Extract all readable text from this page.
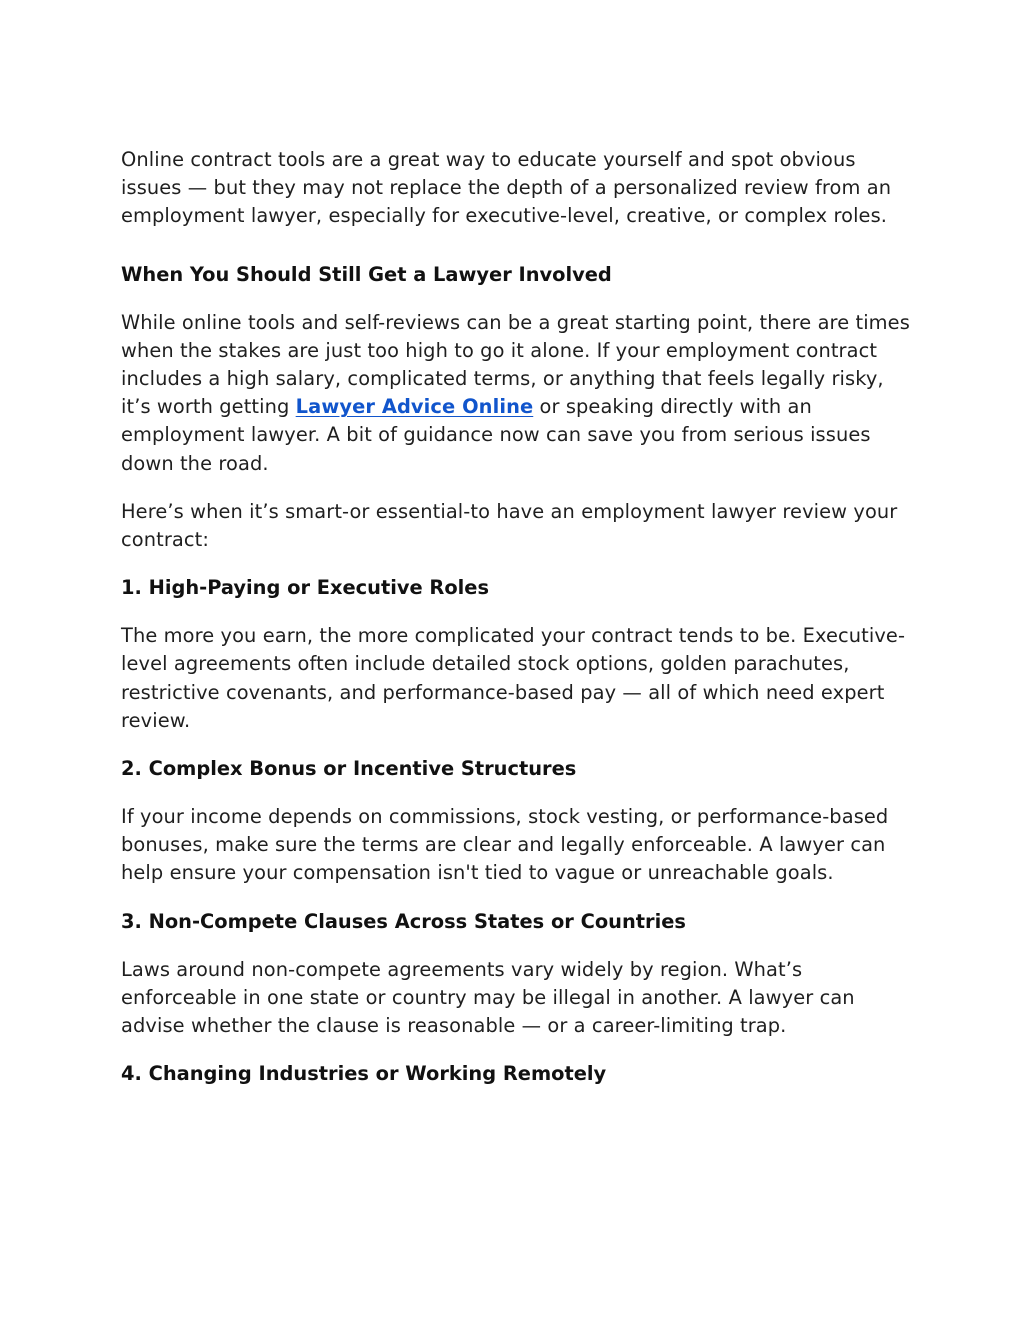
Online contract tools are a great way to educate yourself and spot obvious issues — but they may not replace the depth of a personalized review from an employment lawyer, especially for executive-level, creative, or complex roles.

When You Should Still Get a Lawyer Involved

While online tools and self-reviews can be a great starting point, there are times when the stakes are just too high to go it alone. If your employment contract includes a high salary, complicated terms, or anything that feels legally risky, it’s worth getting Lawyer Advice Online or speaking directly with an employment lawyer. A bit of guidance now can save you from serious issues down the road.

Here’s when it’s smart-or essential-to have an employment lawyer review your contract:

1. High-Paying or Executive Roles

The more you earn, the more complicated your contract tends to be. Executive-level agreements often include detailed stock options, golden parachutes, restrictive covenants, and performance-based pay — all of which need expert review.

2. Complex Bonus or Incentive Structures

If your income depends on commissions, stock vesting, or performance-based bonuses, make sure the terms are clear and legally enforceable. A lawyer can help ensure your compensation isn't tied to vague or unreachable goals.

3. Non-Compete Clauses Across States or Countries

Laws around non-compete agreements vary widely by region. What’s enforceable in one state or country may be illegal in another. A lawyer can advise whether the clause is reasonable — or a career-limiting trap.

4. Changing Industries or Working Remotely
